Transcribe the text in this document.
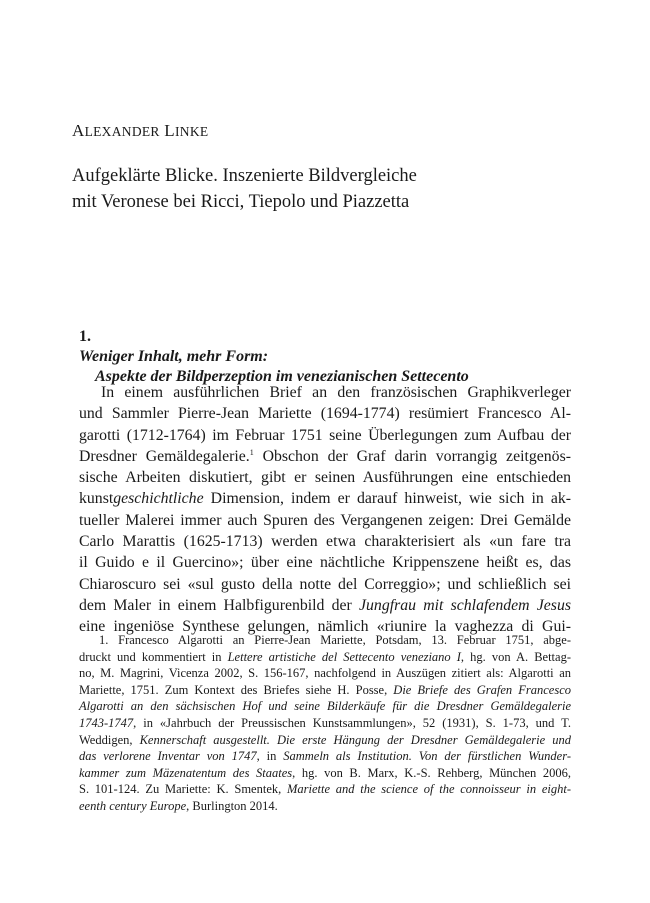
ALEXANDER LINKE

Aufgeklärte Blicke. Inszenierte Bildvergleiche
mit Veronese bei Ricci, Tiepolo und Piazzetta
1.
Weniger Inhalt, mehr Form:
Aspekte der Bildperzeption im venezianischen Settecento
In einem ausführlichen Brief an den französischen Graphikverleger
und Sammler Pierre-Jean Mariette (1694-1774) resümiert Francesco Al-
garotti (1712-1764) im Februar 1751 seine Überlegungen zum Aufbau der
Dresdner Gemäldegalerie.$^1$ Obschon der Graf darin vorrangig zeitgenös-
sische Arbeiten diskutiert, gibt er seinen Ausführungen eine entschieden
kunstgeschichtliche Dimension, indem er darauf hinweist, wie sich in ak-
tueller Malerei immer auch Spuren des Vergangenen zeigen: Drei Gemälde
Carlo Marattis (1625-1713) werden etwa charakterisiert als «un fare tra
il Guido e il Guercino»; über eine nächtliche Krippenszene heißt es, das
Chiaroscuro sei «sul gusto della notte del Correggio»; und schließlich sei
dem Maler in einem Halbfigurenbild der Jungfrau mit schlafendem Jesus
eine ingeniöse Synthese gelungen, nämlich «riunire la vaghezza di Gui-
1. Francesco Algarotti an Pierre-Jean Mariette, Potsdam, 13. Februar 1751, abge-
druckt und kommentiert in Lettere artistiche del Settecento veneziano I, hg. von A. Bettag-
no, M. Magrini, Vicenza 2002, S. 156-167, nachfolgend in Auszügen zitiert als: Algarotti an
Mariette, 1751. Zum Kontext des Briefes siehe H. Posse, Die Briefe des Grafen Francesco
Algarotti an den sächsischen Hof und seine Bilderkäufe für die Dresdner Gemäldegalerie
1743-1747, in «Jahrbuch der Preussischen Kunstsammlungen», 52 (1931), S. 1-73, und T.
Weddigen, Kennerschaft ausgestellt. Die erste Hängung der Dresdner Gemäldegalerie und
das verlorene Inventar von 1747, in Sammeln als Institution. Von der fürstlichen Wunder-
kammer zum Mäzenatentum des Staates, hg. von B. Marx, K.-S. Rehberg, München 2006,
S. 101-124. Zu Mariette: K. Smentek, Mariette and the science of the connoisseur in eight-
eenth century Europe, Burlington 2014.
